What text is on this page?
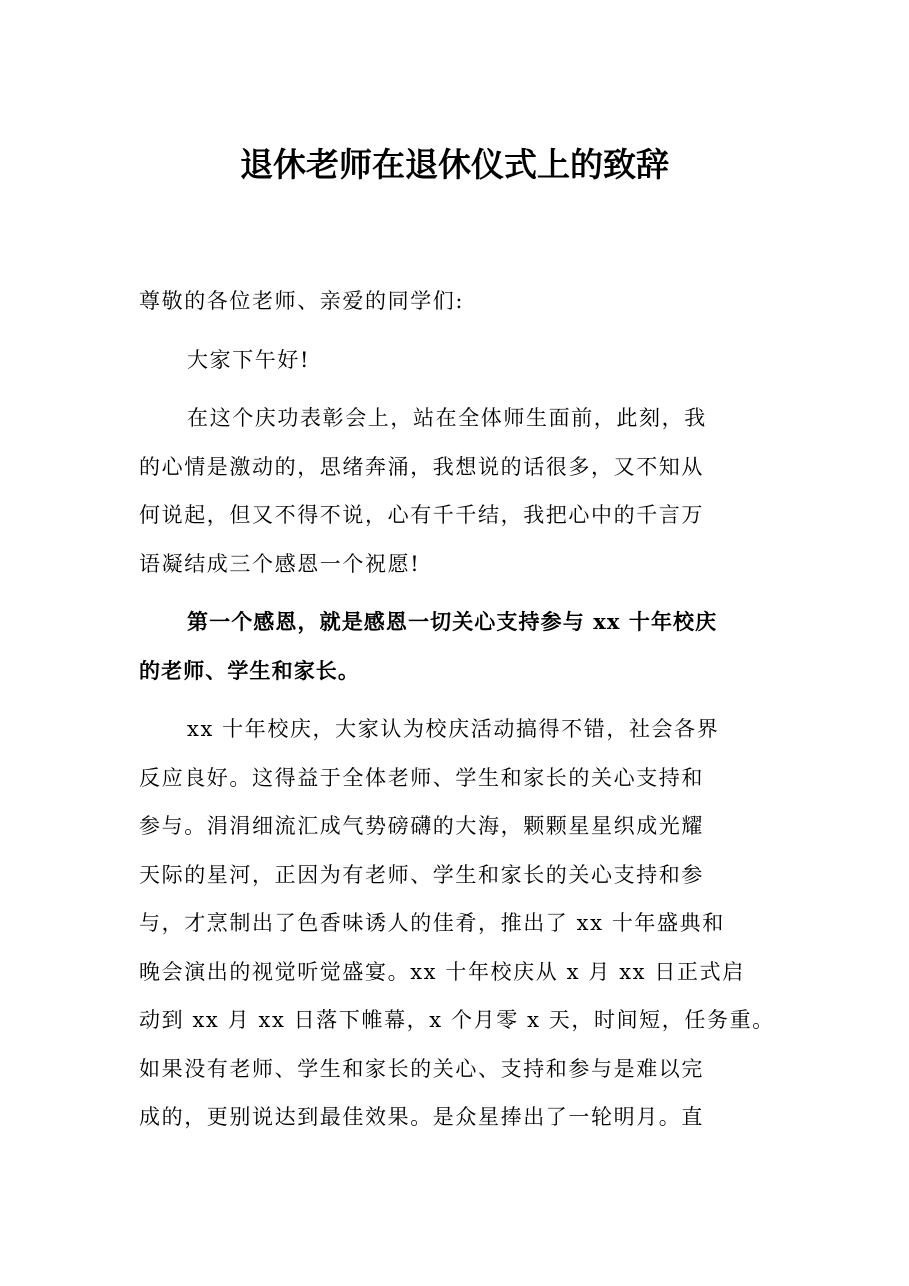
退休老师在退休仪式上的致辞
尊敬的各位老师、亲爱的同学们:
大家下午好!
在这个庆功表彰会上，站在全体师生面前，此刻，我
的心情是激动的，思绪奔涌，我想说的话很多，又不知从
何说起，但又不得不说，心有千千结，我把心中的千言万
语凝结成三个感恩一个祝愿!
第一个感恩，就是感恩一切关心支持参与 xx 十年校庆
的老师、学生和家长。
xx 十年校庆，大家认为校庆活动搞得不错，社会各界
反应良好。这得益于全体老师、学生和家长的关心支持和
参与。涓涓细流汇成气势磅礴的大海，颗颗星星织成光耀
天际的星河，正因为有老师、学生和家长的关心支持和参
与，才烹制出了色香味诱人的佳肴，推出了 xx 十年盛典和
晚会演出的视觉听觉盛宴。xx 十年校庆从 x 月 xx 日正式启
动到 xx 月 xx 日落下帷幕，x 个月零 x 天，时间短，任务重。
如果没有老师、学生和家长的关心、支持和参与是难以完
成的，更别说达到最佳效果。是众星捧出了一轮明月。直
